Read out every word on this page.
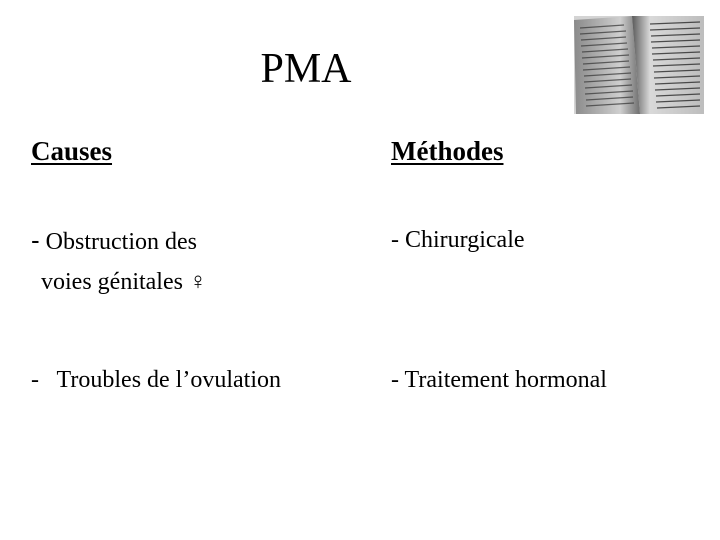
PMA
Causes	Méthodes
- Obstruction des
voies génitales ♀
-   Troubles de l’ovulation
- Chirurgicale
- Traitement hormonal
